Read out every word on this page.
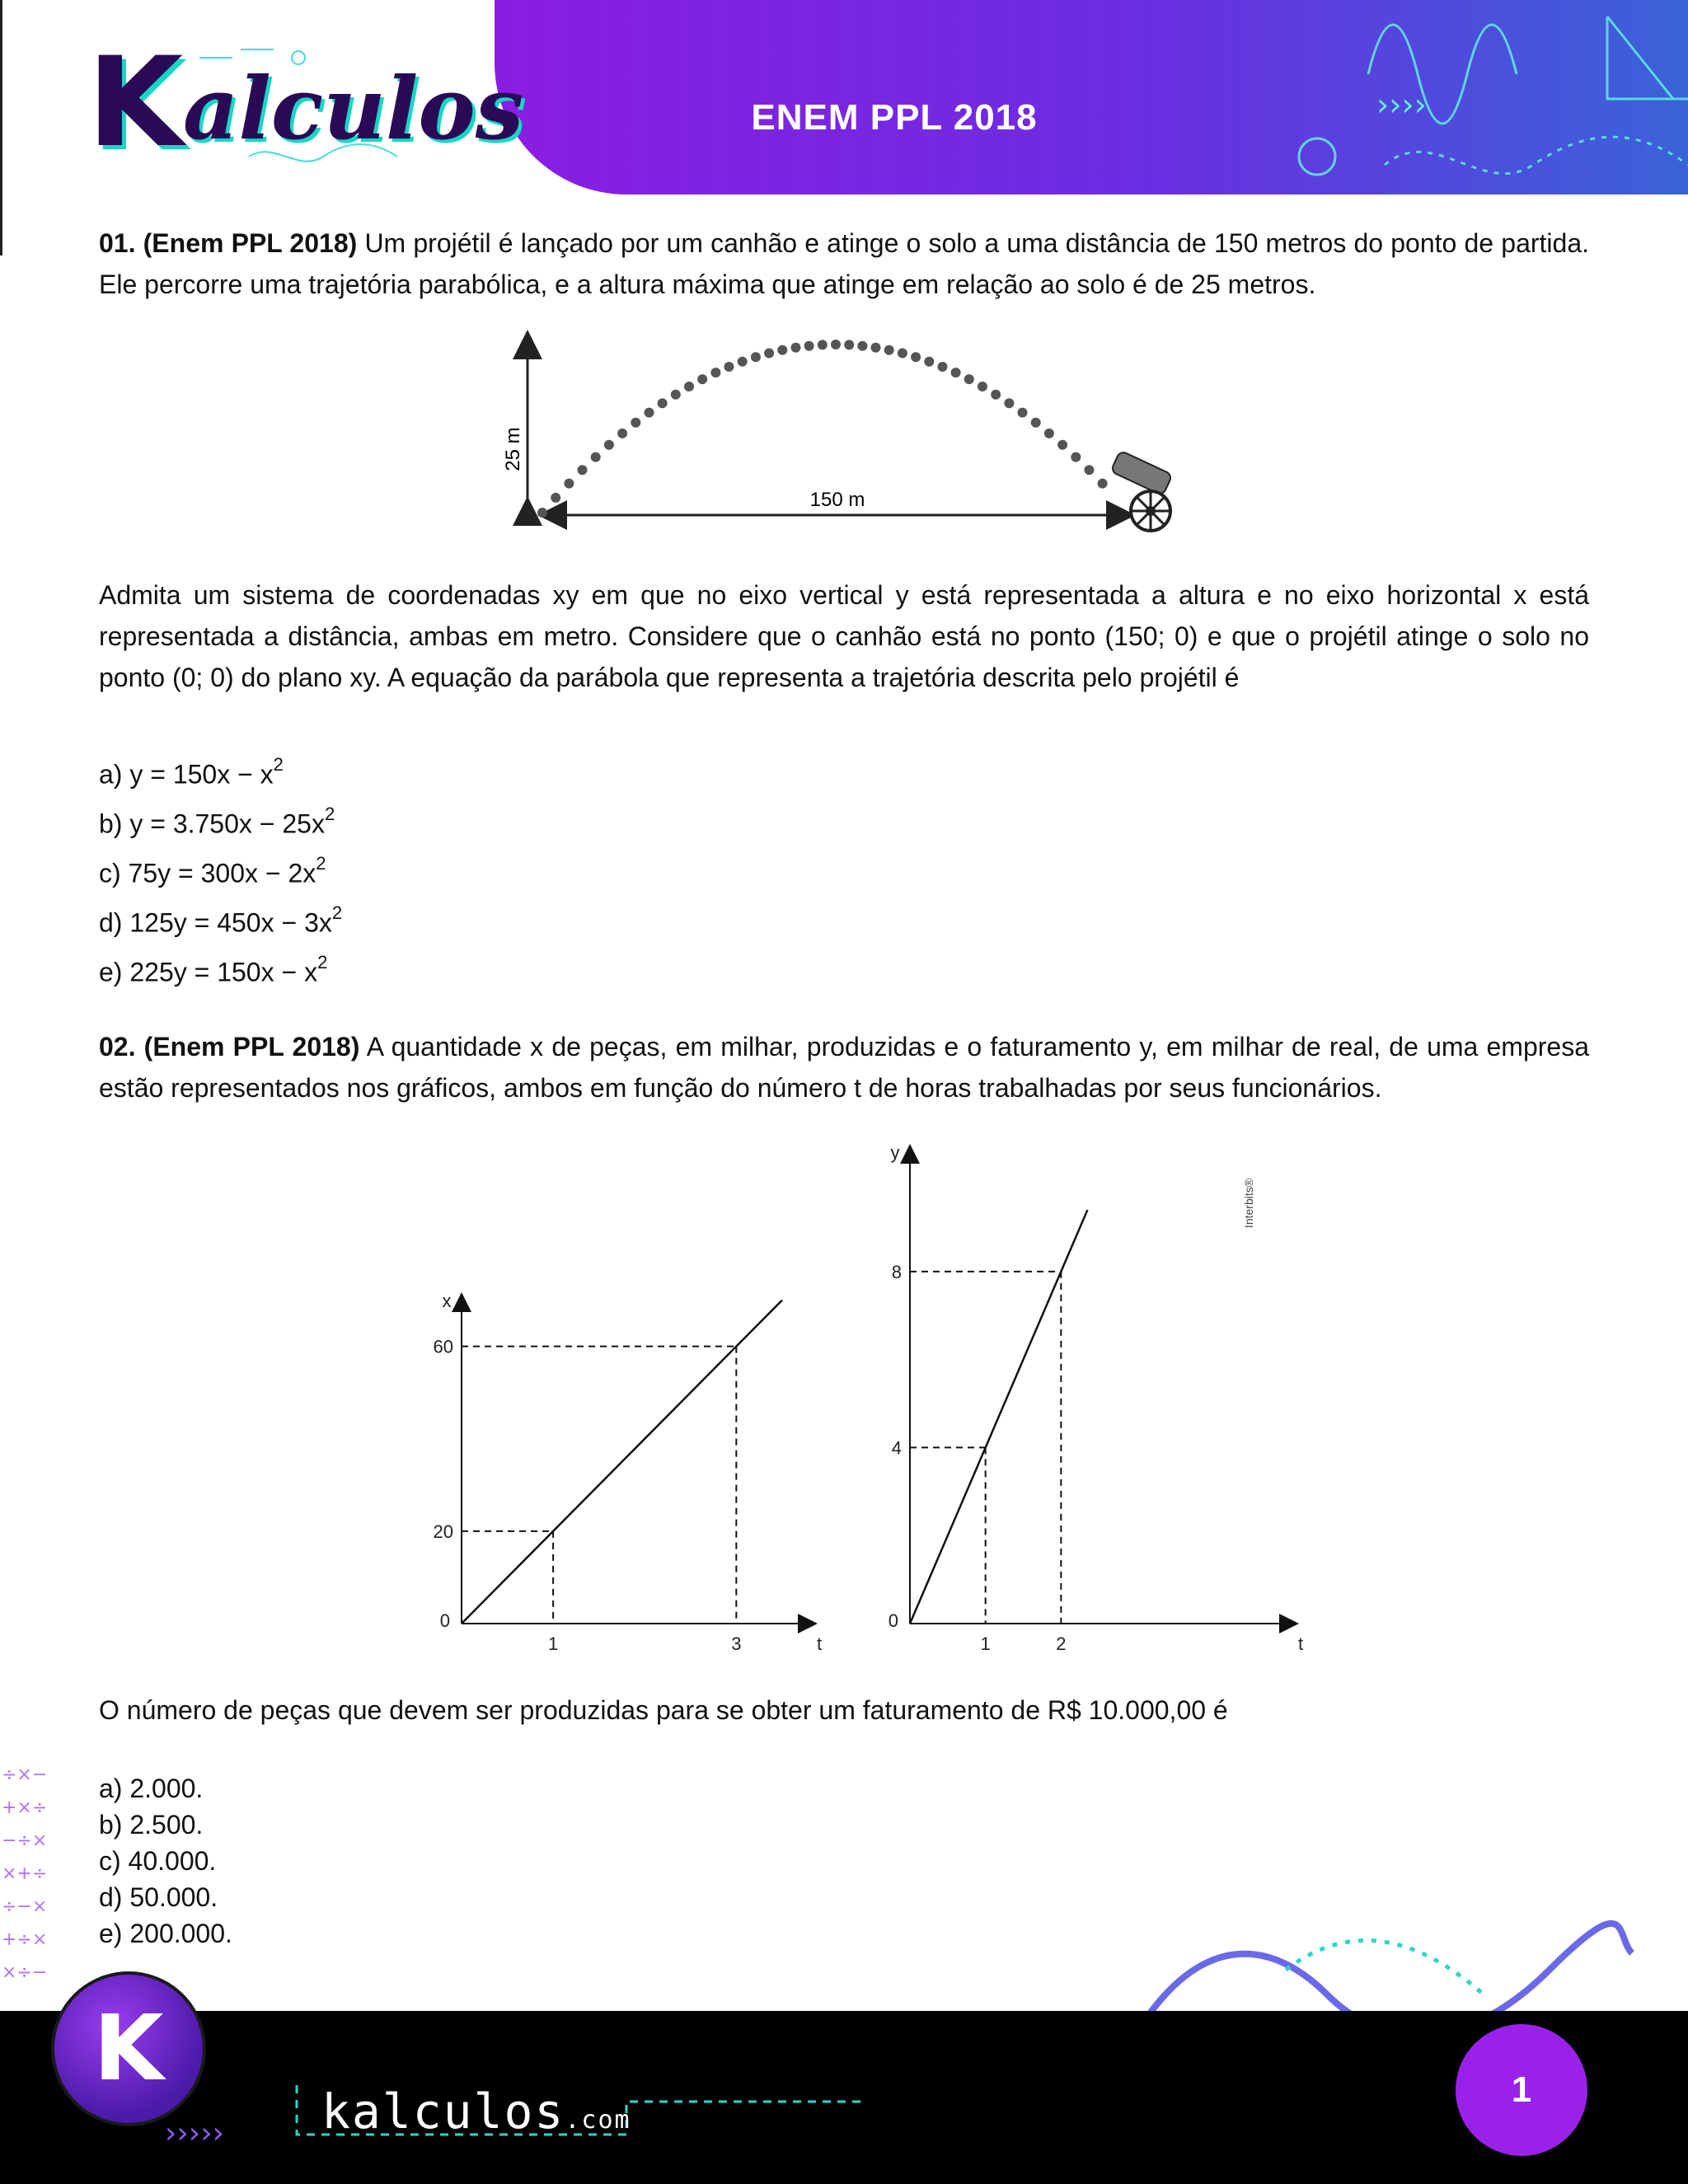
››››
ENEM PPL 2018
K alculos
01. (Enem PPL 2018) Um projétil é lançado por um canhão e atinge o solo a uma distância de 150 metros do ponto de partida. Ele percorre uma trajetória parabólica, e a altura máxima que atinge em relação ao solo é de 25 metros.
25 m
150 m
Admita um sistema de coordenadas xy em que no eixo vertical y está representada a altura e no eixo horizontal x está representada a distância, ambas em metro. Considere que o canhão está no ponto (150; 0) e que o projétil atinge o solo no ponto (0; 0) do plano xy. A equação da parábola que representa a trajetória descrita pelo projétil é
a) $y = 150x - x^2$
b) $y = 3.750x - 25x^2$
c) $75y = 300x - 2x^2$
d) $125y = 450x - 3x^2$
e) $225y = 150x - x^2$
02. (Enem PPL 2018) A quantidade x de peças, em milhar, produzidas e o faturamento y, em milhar de real, de uma empresa estão representados nos gráficos, ambos em função do número t de horas trabalhadas por seus funcionários.
t
x
0
1
20
3
60
t
y
0
1
4
2
8
Interbits®
O número de peças que devem ser produzidas para se obter um faturamento de R$ 10.000,00 é
a) 2.000.
b) 2.500.
c) 40.000.
d) 50.000.
e) 200.000.
÷×−
+×÷
−÷×
×+÷
÷−×
+÷×
×÷−
›››››
K
kalculos.com
1
